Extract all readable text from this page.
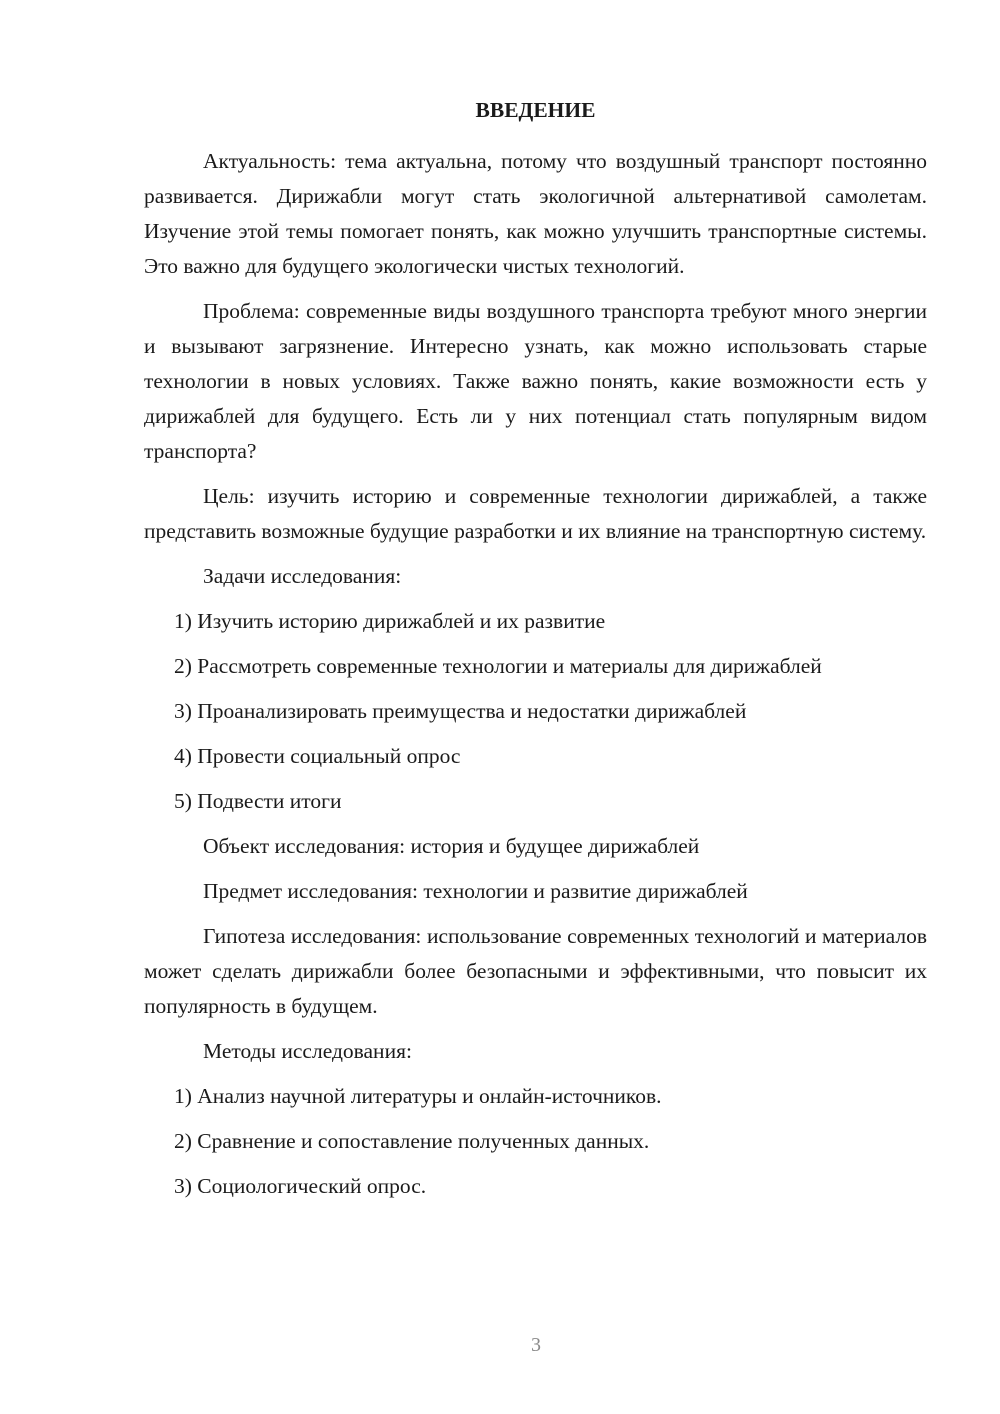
ВВЕДЕНИЕ

Актуальность: тема актуальна, потому что воздушный транспорт постоянно развивается. Дирижабли могут стать экологичной альтернативой самолетам. Изучение этой темы помогает понять, как можно улучшить транспортные системы. Это важно для будущего экологически чистых технологий.

Проблема: современные виды воздушного транспорта требуют много энергии и вызывают загрязнение. Интересно узнать, как можно использовать старые технологии в новых условиях. Также важно понять, какие возможности есть у дирижаблей для будущего. Есть ли у них потенциал стать популярным видом транспорта?

Цель: изучить историю и современные технологии дирижаблей, а также представить возможные будущие разработки и их влияние на транспортную систему.

Задачи исследования:
1) Изучить историю дирижаблей и их развитие
2) Рассмотреть современные технологии и материалы для дирижаблей
3) Проанализировать преимущества и недостатки дирижаблей
4) Провести социальный опрос
5) Подвести итоги
Объект исследования: история и будущее дирижаблей
Предмет исследования: технологии и развитие дирижаблей

Гипотеза исследования: использование современных технологий и материалов может сделать дирижабли более безопасными и эффективными, что повысит их популярность в будущем.

Методы исследования:
1) Анализ научной литературы и онлайн-источников.
2) Сравнение и сопоставление полученных данных.
3) Социологический опрос.
3
